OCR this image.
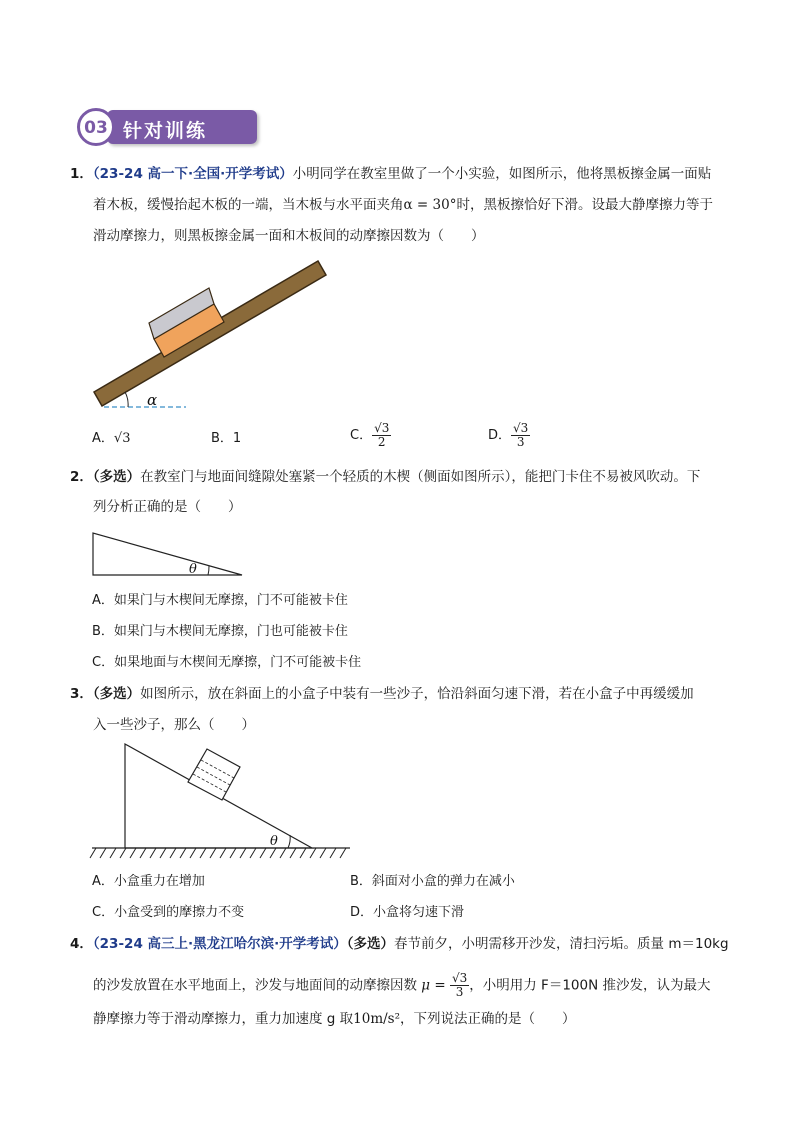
针对训练
03
1．（23-24 高一下·全国·开学考试）小明同学在教室里做了一个小实验，如图所示，他将黑板擦金属一面贴
着木板，缓慢抬起木板的一端，当木板与水平面夹角α = 30°时，黑板擦恰好下滑。设最大静摩擦力等于
滑动摩擦力，则黑板擦金属一面和木板间的动摩擦因数为（　　）
α
A．√3	B．1	C． $\frac{√3}{2}$	D． $\frac{√3}{3}$
2．（多选）在教室门与地面间缝隙处塞紧一个轻质的木楔（侧面如图所示），能把门卡住不易被风吹动。下
列分析正确的是（　　）
θ
A．如果门与木楔间无摩擦，门不可能被卡住
B．如果门与木楔间无摩擦，门也可能被卡住
C．如果地面与木楔间无摩擦，门不可能被卡住
3．（多选）如图所示，放在斜面上的小盒子中装有一些沙子，恰沿斜面匀速下滑，若在小盒子中再缓缓加
入一些沙子，那么（　　）
θ
A．小盒重力在增加	B．斜面对小盒的弹力在减小
C．小盒受到的摩擦力不变	D．小盒将匀速下滑
4．（23-24 高三上·黑龙江哈尔滨·开学考试）（多选）春节前夕，小明需移开沙发，清扫污垢。质量 m＝10kg
的沙发放置在水平地面上，沙发与地面间的动摩擦因数 $\mu = \frac{√3}{3}$ ，小明用力 F＝100N 推沙发，认为最大
静摩擦力等于滑动摩擦力，重力加速度 g 取10m/s²，下列说法正确的是（　　）
